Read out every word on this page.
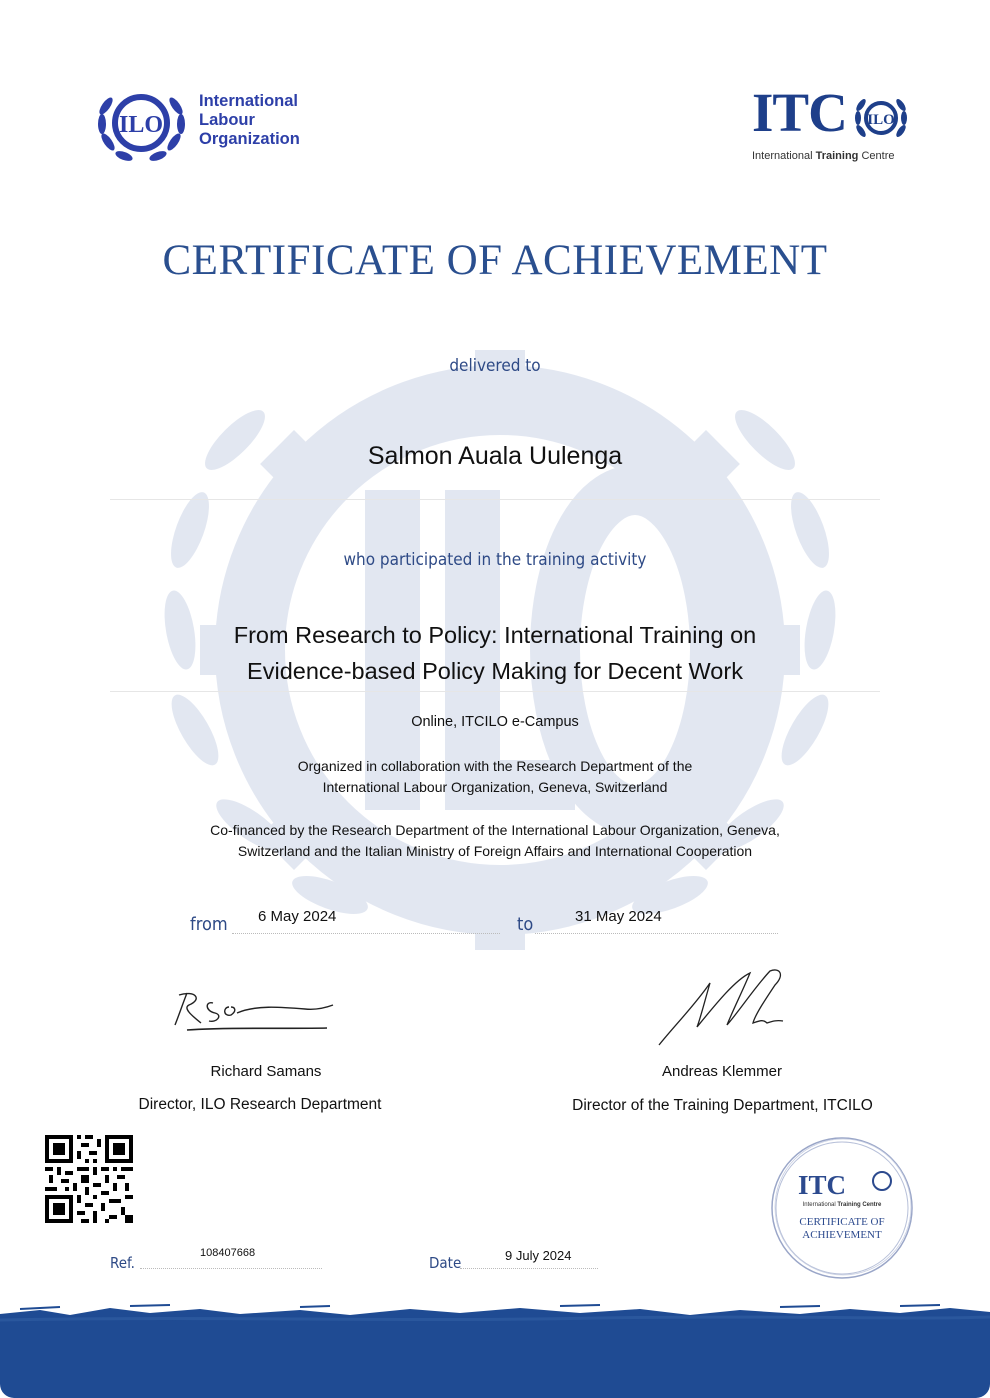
ILO
International
Labour
Organization	ITC ILO
International Training Centre
CERTIFICATE OF ACHIEVEMENT
delivered to
Salmon Auala Uulenga
who participated in the training activity
From Research to Policy: International Training on
Evidence-based Policy Making for Decent Work
Online, ITCILO e-Campus
Organized in collaboration with the Research Department of the
International Labour Organization, Geneva, Switzerland
Co-financed by the Research Department of the International Labour Organization, Geneva,
Switzerland and the Italian Ministry of Foreign Affairs and International Cooperation
from 6 May 2024	to	31 May 2024
Richard Samans
Director, ILO Research Department
Andreas Klemmer
Director of the Training Department, ITCILO
Ref.
108407668
Date	9 July 2024
ITC
International Training Centre
CERTIFICATE OF
ACHIEVEMENT
